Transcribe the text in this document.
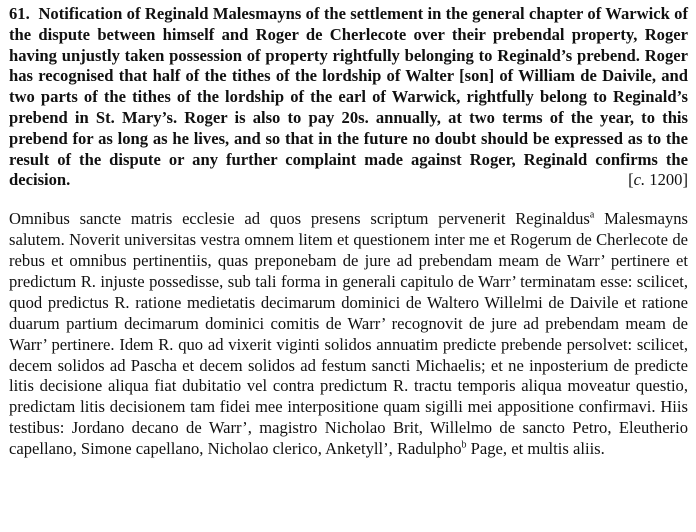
61. Notification of Reginald Malesmayns of the settlement in the general chapter of Warwick of the dispute between himself and Roger de Cherlecote over their prebendal property, Roger having unjustly taken possession of property rightfully belonging to Reginald’s prebend. Roger has recognised that half of the tithes of the lordship of Walter [son] of William de Daivile, and two parts of the tithes of the lordship of the earl of Warwick, rightfully belong to Reginald’s prebend in St. Mary’s. Roger is also to pay 20s. annually, at two terms of the year, to this prebend for as long as he lives, and so that in the future no doubt should be expressed as to the result of the dispute or any further complaint made against Roger, Reginald confirms the decision.	[c. 1200]

Omnibus sancte matris ecclesie ad quos presens scriptum pervenerit Reginaldus$^a$ Malesmayns salutem. Noverit universitas vestra omnem litem et questionem inter me et Rogerum de Cherlecote de rebus et omnibus pertinentiis, quas preponebam de jure ad prebendam meam de Warr’ pertinere et predictum R. injuste possedisse, sub tali forma in generali capitulo de Warr’ terminatam esse: scilicet, quod predictus R. ratione medietatis decimarum dominici de Waltero Willelmi de Daivile et ratione duarum partium decimarum dominici comitis de Warr’ recognovit de jure ad prebendam meam de Warr’ pertinere. Idem R. quo ad vixerit viginti solidos annuatim predicte prebende persolvet: scilicet, decem solidos ad Pascha et decem solidos ad festum sancti Michaelis; et ne inposterium de predicte litis decisione aliqua fiat dubitatio vel contra predictum R. tractu temporis aliqua moveatur questio, predictam litis decisionem tam fidei mee interpositione quam sigilli mei appositione confirmavi. Hiis testibus: Jordano decano de Warr’, magistro Nicholao Brit, Willelmo de sancto Petro, Eleutherio capellano, Simone capellano, Nicholao clerico, Anketyll’, Radulpho$^b$ Page, et multis aliis.
